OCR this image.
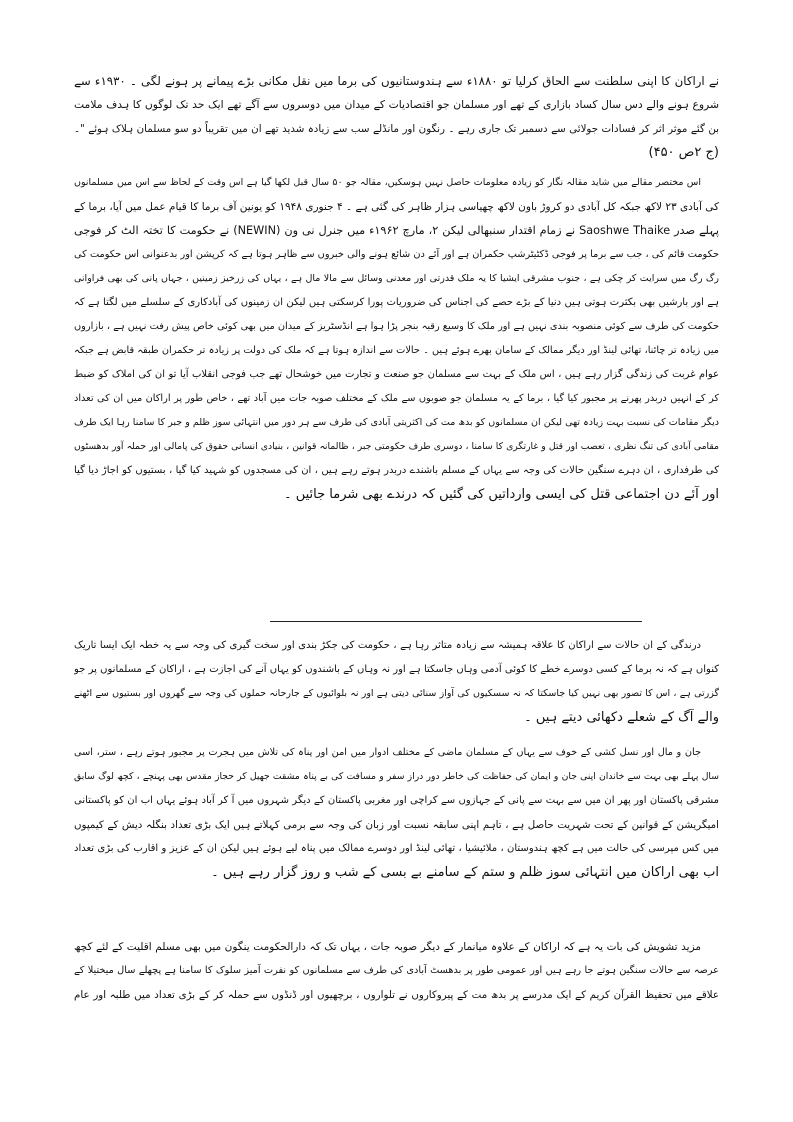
نے اراکان کا اپنی سلطنت سے الحاق کرلیا تو ۱۸۸۰ء سے ہندوستانیوں کی برما میں نقل مکانی بڑے پیمانے پر ہونے لگی ۔ ۱۹۳۰ء سے
شروع ہونے والے دس سال کساد بازاری کے تھے اور مسلمان جو اقتصادیات کے میدان میں دوسروں سے آگے تھے ایک حد تک لوگوں کا ہدف ملامت
بن گئے موثر اثر کر فسادات جولائی سے دسمبر تک جاری رہے ۔ رنگون اور مانڈلے سب سے زیادہ شدید تھے ان میں تقریباً دو سو مسلمان ہلاک ہوئے "۔
(ج ۲ص ۴۵۰)
اس مختصر مقالے میں شاید مقالہ نگار کو زیادہ معلومات حاصل نہیں ہوسکیں، مقالہ جو ۵۰ سال قبل لکھا گیا ہے اس وقت کے لحاظ سے اس میں مسلمانوں
کی آبادی ۲۳ لاکھ جبکہ کل آبادی دو کروڑ باون لاکھ چھیاسی ہزار ظاہر کی گئی ہے ۔ ۴ جنوری ۱۹۴۸ کو یونین آف برما کا قیام عمل میں آیا، برما کے
پہلے صدر Saoshwe Thaike نے زمام اقتدار سنبھالی لیکن ۲، مارچ ۱۹۶۲ء میں جنرل نی ون (NEWIN) نے حکومت کا تختہ الٹ کر فوجی
حکومت قائم کی ، جب سے برما پر فوجی ڈکٹیٹرشپ حکمران ہے اور آئے دن شائع ہونے والی خبروں سے ظاہر ہوتا ہے کہ کرپشن اور بدعنوانی اس حکومت کی
رگ رگ میں سرایت کر چکی ہے ، جنوب مشرقی ایشیا کا یہ ملک قدرتی اور معدنی وسائل سے مالا مال ہے ، یہاں کی زرخیز زمینیں ، جہاں پانی کی بھی فراوانی
ہے اور بارشیں بھی بکثرت ہوتی ہیں دنیا کے بڑے حصے کی اجناس کی ضروریات پورا کرسکتی ہیں لیکن ان زمینوں کی آبادکاری کے سلسلے میں لگتا ہے کہ
حکومت کی طرف سے کوئی منصوبہ بندی نہیں ہے اور ملک کا وسیع رقبہ بنجر پڑا ہوا ہے انڈسٹریز کے میدان میں بھی کوئی خاص پیش رفت نہیں ہے ، بازاروں
میں زیادہ تر چائنا، تھائی لینڈ اور دیگر ممالک کے سامان بھرے ہوئے ہیں ۔ حالات سے اندازہ ہوتا ہے کہ ملک کی دولت پر زیادہ تر حکمران طبقہ قابض ہے جبکہ
عوام غربت کی زندگی گزار رہے ہیں ، اس ملک کے بہت سے مسلمان جو صنعت و تجارت میں خوشحال تھے جب فوجی انقلاب آیا تو ان کی املاک کو ضبط
کر کے انہیں دربدر پھرنے پر مجبور کیا گیا ، برما کے یہ مسلمان جو صوبوں سے ملک کے مختلف صوبہ جات میں آباد تھے ، خاص طور پر اراکان میں ان کی تعداد
دیگر مقامات کی نسبت بہت زیادہ تھی لیکن ان مسلمانوں کو بدھ مت کی اکثریتی آبادی کی طرف سے ہر دور میں انتہائی سوز ظلم و جبر کا سامنا رہا ایک طرف
مقامی آبادی کی تنگ نظری ، تعصب اور قتل و غارتگری کا سامنا ، دوسری طرف حکومتی جبر ، ظالمانہ قوانین ، بنیادی انسانی حقوق کی پامالی اور حملہ آور بدھسٹوں
کی طرفداری ، ان دہرے سنگین حالات کی وجہ سے یہاں کے مسلم باشندے دربدر ہوتے رہے ہیں ، ان کی مسجدوں کو شہید کیا گیا ، بستیوں کو اجاڑ دیا گیا
اور آئے دن اجتماعی قتل کی ایسی وارداتیں کی گئیں کہ درندے بھی شرما جائیں ۔
درندگی کے ان حالات سے اراکان کا علاقہ ہمیشہ سے زیادہ متاثر رہا ہے ، حکومت کی جکڑ بندی اور سخت گیری کی وجہ سے یہ خطہ ایک ایسا تاریک
کنواں ہے کہ نہ برما کے کسی دوسرے خطے کا کوئی آدمی وہاں جاسکتا ہے اور نہ وہاں کے باشندوں کو یہاں آنے کی اجازت ہے ، اراکان کے مسلمانوں پر جو
گزرتی ہے ، اس کا تصور بھی نہیں کیا جاسکتا کہ نہ سسکیوں کی آواز سنائی دیتی ہے اور نہ بلوائیوں کے جارحانہ حملوں کی وجہ سے گھروں اور بستیوں سے اٹھنے
والے آگ کے شعلے دکھائی دیتے ہیں ۔
جان و مال اور نسل کشی کے خوف سے یہاں کے مسلمان ماضی کے مختلف ادوار میں امن اور پناہ کی تلاش میں ہجرت پر مجبور ہوتے رہے ، ستر، اسی
سال پہلے بھی بہت سے خاندان اپنی جان و ایمان کی حفاظت کی خاطر دور دراز سفر و مسافت کی بے پناہ مشقت جھیل کر حجاز مقدس بھی پہنچے ، کچھ لوگ سابق
مشرقی پاکستان اور پھر ان میں سے بہت سے پانی کے جہازوں سے کراچی اور مغربی پاکستان کے دیگر شہروں میں آ کر آباد ہوئے یہاں اب ان کو پاکستانی
امیگریشن کے قوانین کے تحت شہریت حاصل ہے ، تاہم اپنی سابقہ نسبت اور زبان کی وجہ سے برمی کہلاتے ہیں ایک بڑی تعداد بنگلہ دیش کے کیمپوں
میں کس مپرسی کی حالت میں ہے کچھ ہندوستان ، ملائیشیا ، تھائی لینڈ اور دوسرے ممالک میں پناہ لیے ہوئے ہیں لیکن ان کے عزیز و اقارب کی بڑی تعداد
اب بھی اراکان میں انتہائی سوز ظلم و ستم کے سامنے بے بسی کے شب و روز گزار رہے ہیں ۔
مزید تشویش کی بات یہ ہے کہ اراکان کے علاوہ میانمار کے دیگر صوبہ جات ، یہاں تک کہ دارالحکومت ینگون میں بھی مسلم اقلیت کے لئے کچھ
عرصہ سے حالات سنگین ہوتے جا رہے ہیں اور عمومی طور پر بدھسٹ آبادی کی طرف سے مسلمانوں کو نفرت آمیز سلوک کا سامنا ہے پچھلے سال میختیلا کے
علاقے میں تحفیظ القرآن کریم کے ایک مدرسے پر بدھ مت کے پیروکاروں نے تلواروں ، برچھیوں اور ڈنڈوں سے حملہ کر کے بڑی تعداد میں طلبہ اور عام
